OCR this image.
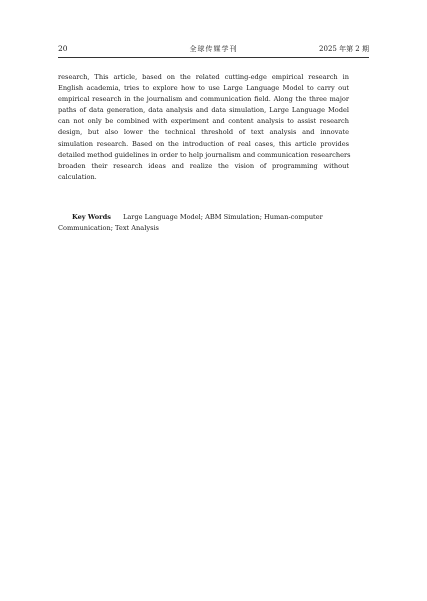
20	全球传媒学刊	2025 年第 2 期
research, This article, based on the related cutting-edge empirical research in
English academia, tries to explore how to use Large Language Model to carry out
empirical research in the journalism and communication field. Along the three major
paths of data generation, data analysis and data simulation, Large Language Model
can not only be combined with experiment and content analysis to assist research
design, but also lower the technical threshold of text analysis and innovate
simulation research. Based on the introduction of real cases, this article provides
detailed method guidelines in order to help journalism and communication researchers
broaden their research ideas and realize the vision of programming without
calculation.
Key Words Large Language Model; ABM Simulation; Human-computer
Communication; Text Analysis
